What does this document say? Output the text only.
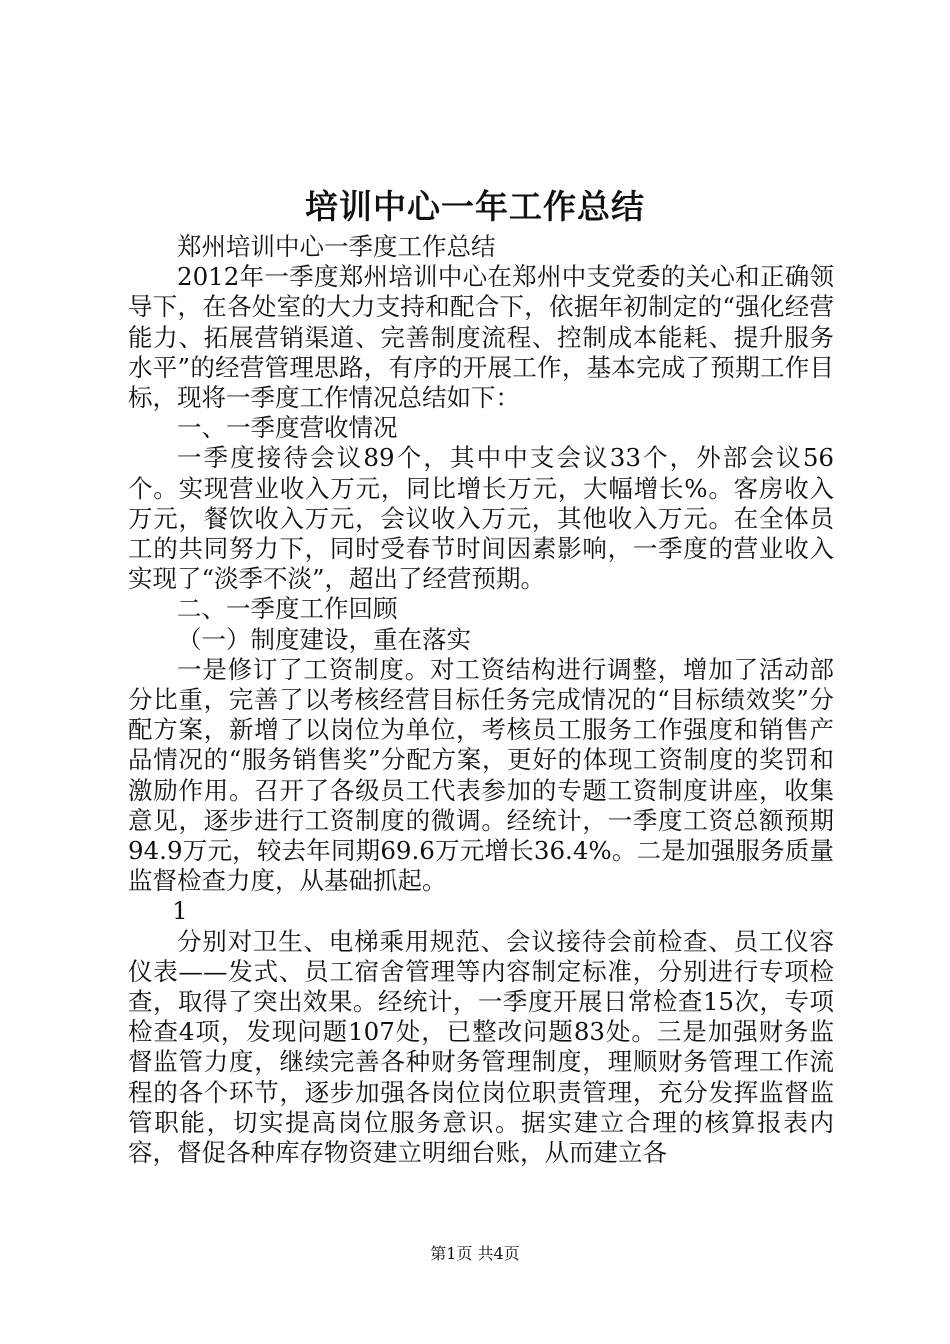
培训中心一年工作总结

郑州培训中心一季度工作总结

2012年一季度郑州培训中心在郑州中支党委的关心和正确领导下，在各处室的大力支持和配合下，依据年初制定的“强化经营能力、拓展营销渠道、完善制度流程、控制成本能耗、提升服务水平”的经营管理思路，有序的开展工作，基本完成了预期工作目标，现将一季度工作情况总结如下：

一、一季度营收情况

一季度接待会议89个，其中中支会议33个，外部会议56个。实现营业收入万元，同比增长万元，大幅增长%。客房收入万元，餐饮收入万元，会议收入万元，其他收入万元。在全体员工的共同努力下，同时受春节时间因素影响，一季度的营业收入实现了“淡季不淡”，超出了经营预期。

二、一季度工作回顾

（一）制度建设，重在落实

一是修订了工资制度。对工资结构进行调整，增加了活动部分比重，完善了以考核经营目标任务完成情况的“目标绩效奖”分配方案，新增了以岗位为单位，考核员工服务工作强度和销售产品情况的“服务销售奖”分配方案，更好的体现工资制度的奖罚和激励作用。召开了各级员工代表参加的专题工资制度讲座，收集意见，逐步进行工资制度的微调。经统计，一季度工资总额预期94.9万元，较去年同期69.6万元增长36.4%。二是加强服务质量监督检查力度，从基础抓起。

1

分别对卫生、电梯乘用规范、会议接待会前检查、员工仪容仪表——发式、员工宿舍管理等内容制定标准，分别进行专项检查，取得了突出效果。经统计，一季度开展日常检查15次，专项检查4项，发现问题107处，已整改问题83处。三是加强财务监督监管力度，继续完善各种财务管理制度，理顺财务管理工作流程的各个环节，逐步加强各岗位岗位职责管理，充分发挥监督监管职能，切实提高岗位服务意识。据实建立合理的核算报表内容，督促各种库存物资建立明细台账，从而建立各

第1页 共4页
